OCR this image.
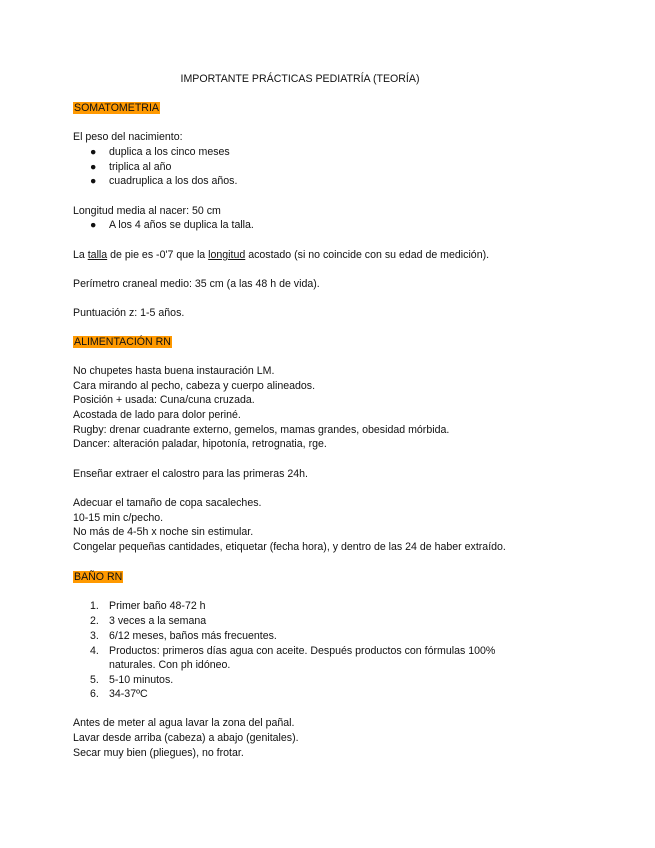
IMPORTANTE PRÁCTICAS PEDIATRÍA (TEORÍA)
SOMATOMETRIA
El peso del nacimiento:
● duplica a los cinco meses
● triplica al año
● cuadruplica a los dos años.
Longitud media al nacer: 50 cm
● A los 4 años se duplica la talla.
La talla de pie es -0'7 que la longitud acostado (si no coincide con su edad de medición).
Perímetro craneal medio: 35 cm (a las 48 h de vida).
Puntuación z: 1-5 años.
ALIMENTACIÓN RN
No chupetes hasta buena instauración LM.
Cara mirando al pecho, cabeza y cuerpo alineados.
Posición + usada: Cuna/cuna cruzada.
Acostada de lado para dolor periné.
Rugby: drenar cuadrante externo, gemelos, mamas grandes, obesidad mórbida.
Dancer: alteración paladar, hipotonía, retrognatia, rge.
Enseñar extraer el calostro para las primeras 24h.
Adecuar el tamaño de copa sacaleches.
10-15 min c/pecho.
No más de 4-5h x noche sin estimular.
Congelar pequeñas cantidades, etiquetar (fecha hora), y dentro de las 24 de haber extraído.
BAÑO RN
1. Primer baño 48-72 h
2. 3 veces a la semana
3. 6/12 meses, baños más frecuentes.
4. Productos: primeros días agua con aceite. Después productos con fórmulas 100%
naturales. Con ph idóneo.
5. 5-10 minutos.
6. 34-37ºC
Antes de meter al agua lavar la zona del pañal.
Lavar desde arriba (cabeza) a abajo (genitales).
Secar muy bien (pliegues), no frotar.
